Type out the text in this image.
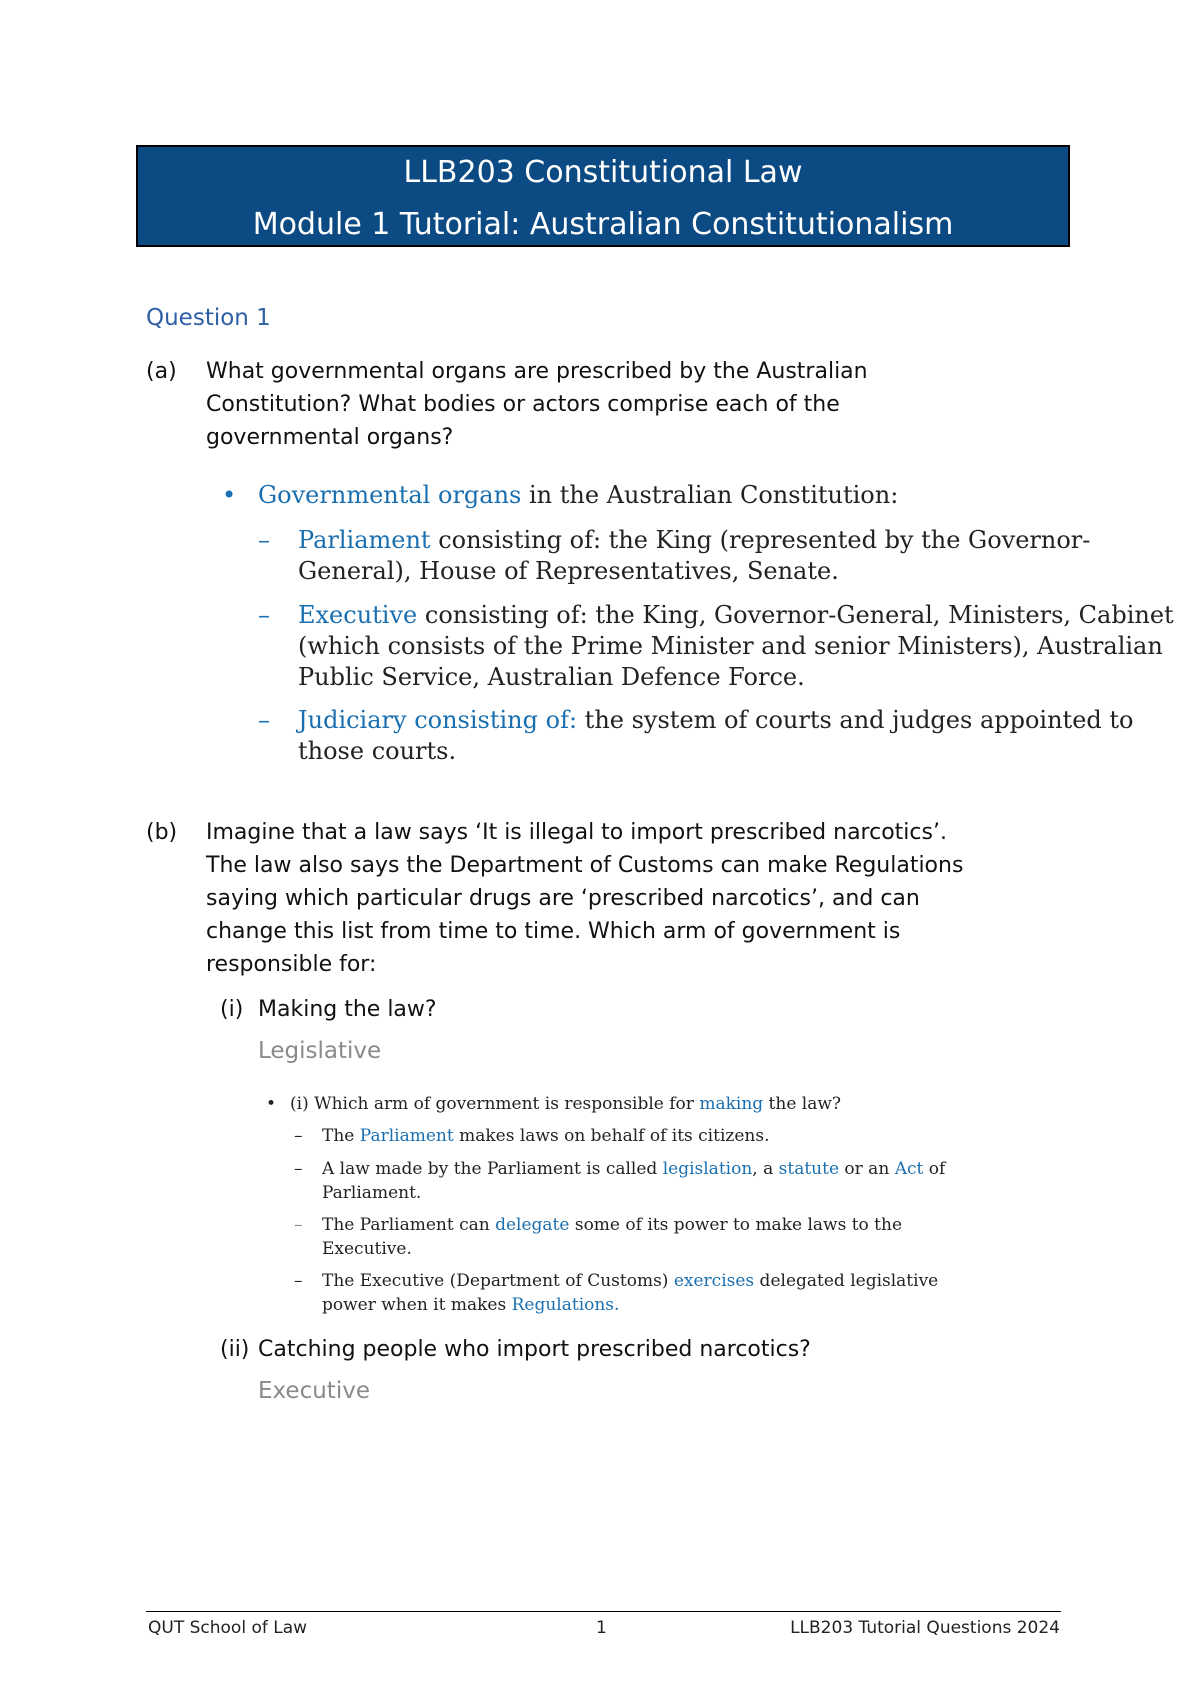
LLB203 Constitutional Law
Module 1 Tutorial: Australian Constitutionalism
Question 1
(a) What governmental organs are prescribed by the Australian
Constitution? What bodies or actors comprise each of the
governmental organs?
• Governmental organs in the Australian Constitution:
– Parliament consisting of: the King (represented by the Governor-
General), House of Representatives, Senate.
– Executive consisting of: the King, Governor-General, Ministers, Cabinet
(which consists of the Prime Minister and senior Ministers), Australian
Public Service, Australian Defence Force.
– Judiciary consisting of: the system of courts and judges appointed to
those courts.
(b) Imagine that a law says ‘It is illegal to import prescribed narcotics’.
The law also says the Department of Customs can make Regulations
saying which particular drugs are ‘prescribed narcotics’, and can
change this list from time to time. Which arm of government is
responsible for:
(i) Making the law?
Legislative
• (i) Which arm of government is responsible for making the law?
– The Parliament makes laws on behalf of its citizens.
– A law made by the Parliament is called legislation, a statute or an Act of
Parliament.
– The Parliament can delegate some of its power to make laws to the
Executive.
– The Executive (Department of Customs) exercises delegated legislative
power when it makes Regulations.
(ii) Catching people who import prescribed narcotics?
Executive
QUT School of Law	1	LLB203 Tutorial Questions 2024
